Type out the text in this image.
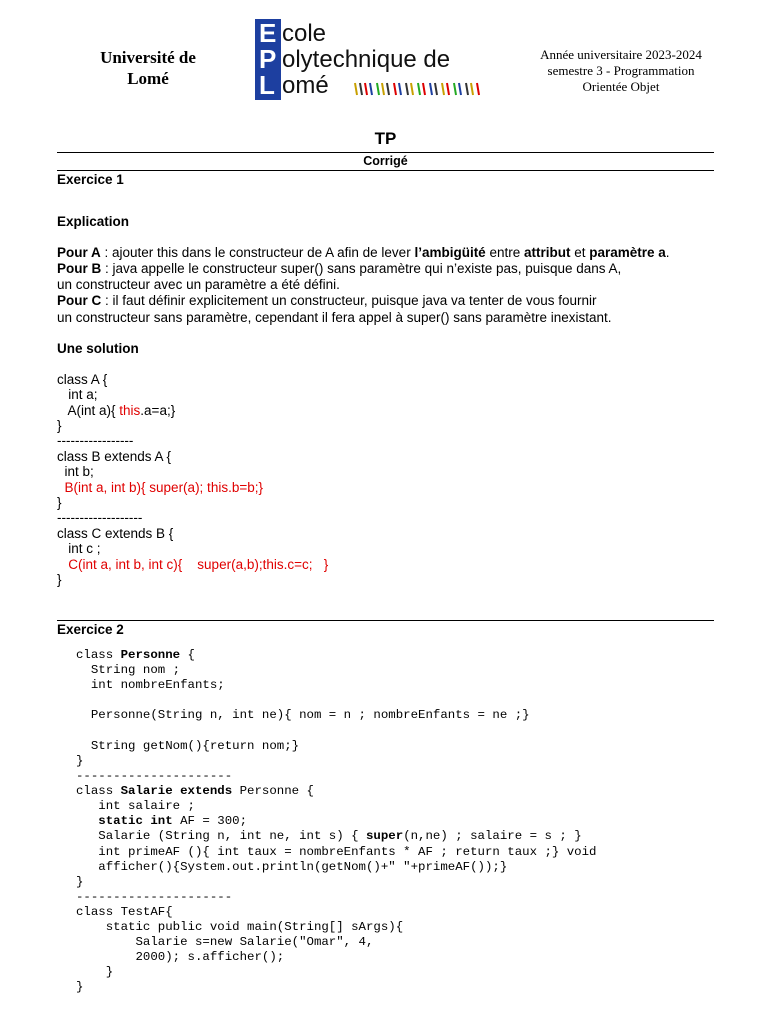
Université de Lomé
E
P
L
cole
olytechnique de
omé
Année universitaire 2023-2024 semestre 3 - Programmation Orientée Objet
TP
Corrigé
Exercice 1
Explication
Pour A : ajouter this dans le constructeur de A afin de lever l’ambigüité entre attribut et paramètre a.
Pour B : java appelle le constructeur super() sans paramètre qui n’existe pas, puisque dans A,
un constructeur avec un paramètre a été défini.
Pour C : il faut définir explicitement un constructeur, puisque java va tenter de vous fournir
un constructeur sans paramètre, cependant il fera appel à super() sans paramètre inexistant.
Une solution
class A {
int a;
A(int a){ this.a=a;}
}
-----------------
class B extends A {
int b;
B(int a, int b){ super(a); this.b=b;}
}
-------------------
class C extends B {
int c ;
C(int a, int b, int c){    super(a,b);this.c=c;   }
}
Exercice 2
class Personne {
String nom ;
int nombreEnfants;
Personne(String n, int ne){ nom = n ; nombreEnfants = ne ;}
String getNom(){return nom;}
}
---------------------
class Salarie extends Personne {
int salaire ;
static int AF = 300;
Salarie (String n, int ne, int s) { super(n,ne) ; salaire = s ; }
int primeAF (){ int taux = nombreEnfants * AF ; return taux ;} void
afficher(){System.out.println(getNom()+" "+primeAF());}
}
---------------------
class TestAF{
static public void main(String[] sArgs){
Salarie s=new Salarie("Omar", 4,
2000); s.afficher();
}
}
